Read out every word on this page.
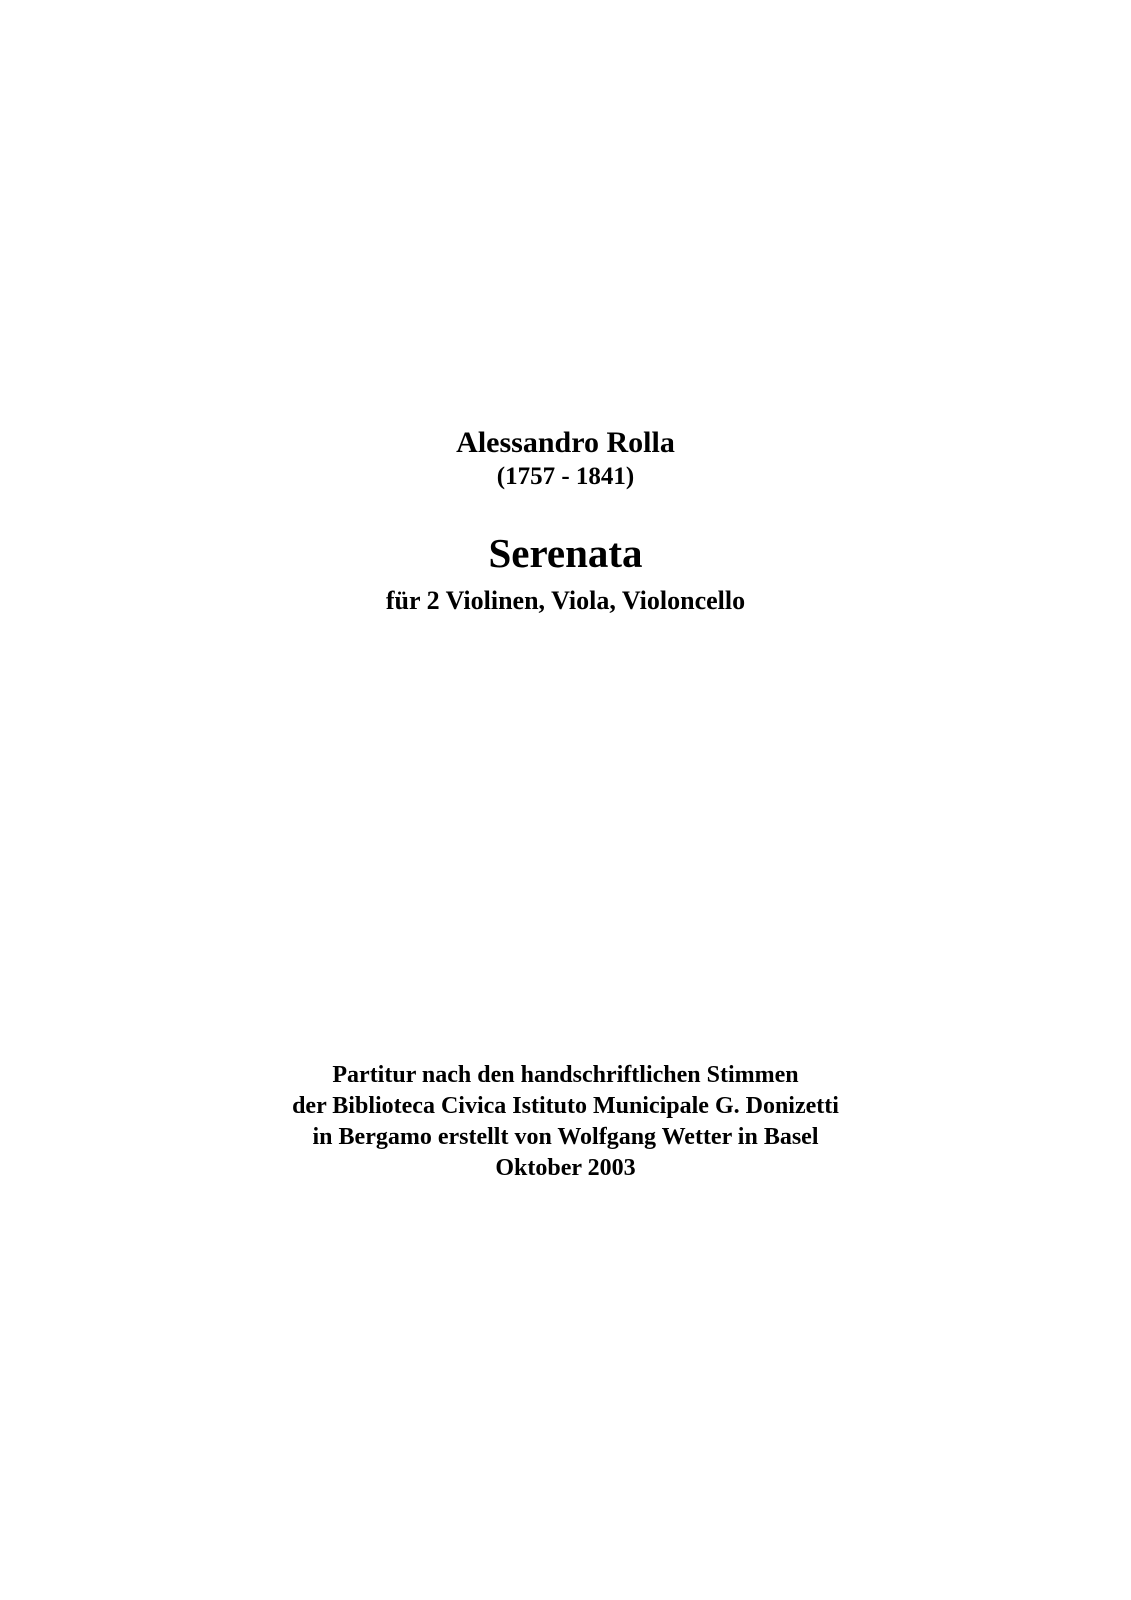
Alessandro Rolla
(1757 - 1841)
Serenata
für 2 Violinen, Viola, Violoncello
Partitur nach den handschriftlichen Stimmen
der Biblioteca Civica Istituto Municipale G. Donizetti
in Bergamo erstellt von Wolfgang Wetter in Basel
Oktober 2003
